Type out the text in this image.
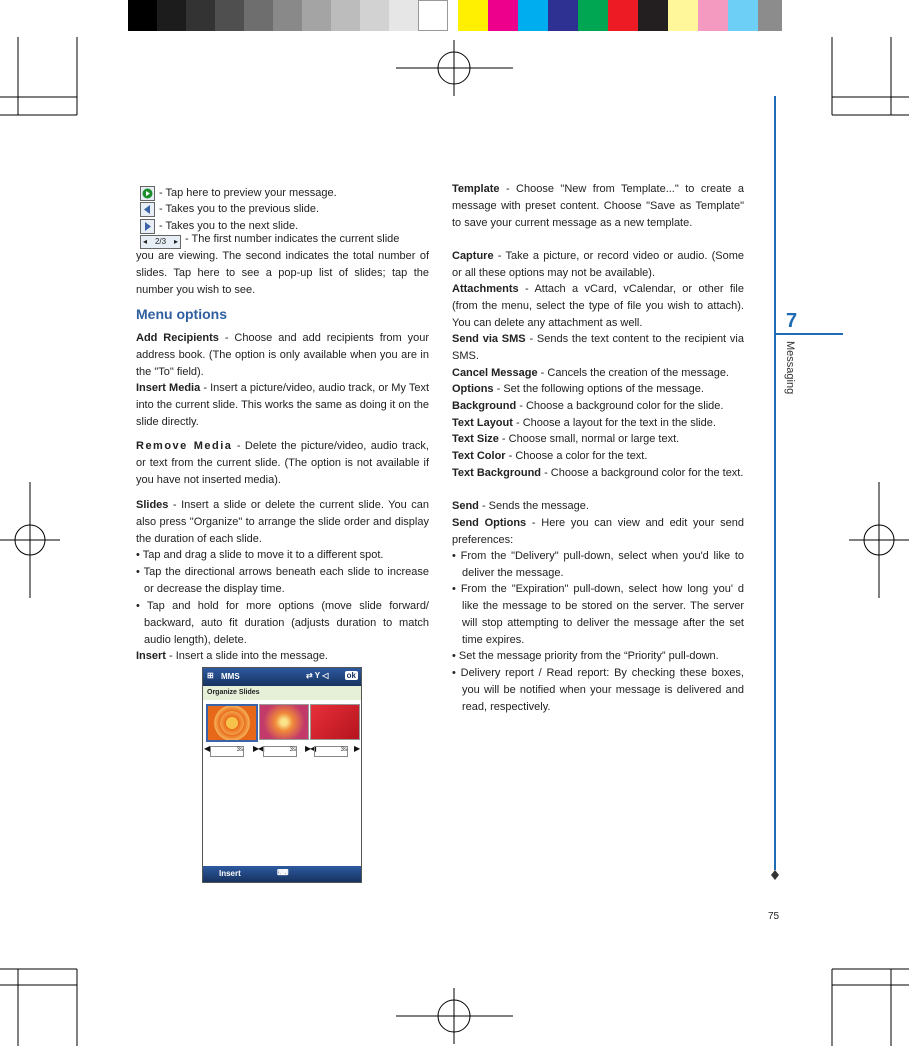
7
Messaging
75
- Tap here to preview your message.
- Takes you to the previous slide.
- Takes you to the next slide.
◂ 2/3 ▸ - The first number indicates the current slide
you are viewing. The second indicates the total number of slides. Tap here to see a pop-up list of slides; tap the number you wish to see.
Menu options
Add Recipients - Choose and add recipients from your address book. (The option is only available when you are in the "To" field).
Insert Media - Insert a picture/video, audio track, or My Text into the current slide. This works the same as doing it on the slide directly.
Remove Media - Delete the picture/video, audio track, or text from the current slide. (The option is not available if you have not inserted media).
Slides - Insert a slide or delete the current slide. You can also press "Organize" to arrange the slide order and display the duration of each slide.
• Tap and drag a slide to move it to a different spot.
• Tap the directional arrows beneath each slide to increase or decrease the display time.
• Tap and hold for more options (move slide forward/ backward, auto fit duration (adjusts duration to match audio length), delete.
Insert - Insert a slide into the message.
⊞ MMS	⇄ Y ◁ ok
Organize Slides
◀	3s ▶
◀	3s ▶
◀	3s ▶
Insert	⌨
Template - Choose "New from Template..." to create a message with preset content. Choose "Save as Template" to save your current message as a new template.
Capture - Take a picture, or record video or audio. (Some or all these options may not be available).
Attachments - Attach a vCard, vCalendar, or other file (from the menu, select the type of file you wish to attach). You can delete any attachment as well.
Send via SMS - Sends the text content to the recipient via SMS.
Cancel Message - Cancels the creation of the message.
Options - Set the following options of the message.
Background - Choose a background color for the slide.
Text Layout - Choose a layout for the text in the slide.
Text Size - Choose small, normal or large text.
Text Color - Choose a color for the text.
Text Background - Choose a background color for the text.
Send - Sends the message.
Send Options - Here you can view and edit your send preferences:
• From the "Delivery" pull-down, select when you'd like to deliver the message.
• From the "Expiration" pull-down, select how long you' d like the message to be stored on the server. The server will stop attempting to deliver the message after the set time expires.
• Set the message priority from the “Priority” pull-down.
• Delivery report / Read report: By checking these boxes, you will be notified when your message is delivered and read, respectively.
